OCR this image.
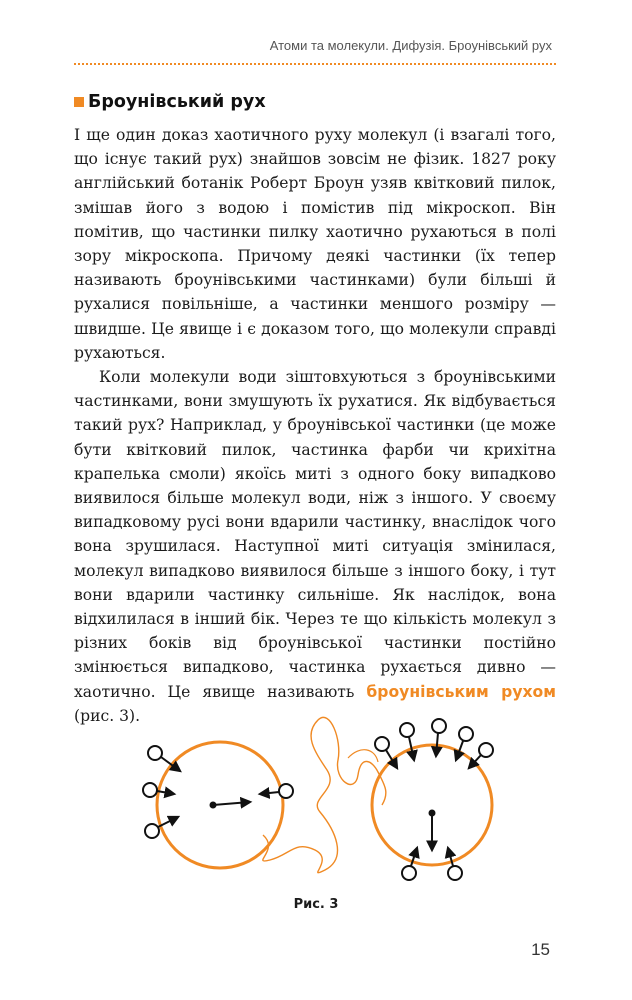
Атоми та молекули. Дифузія. Броунівський рух
Броунівський рух

І ще один доказ хаотичного руху молекул (і взагалі того, що існує такий рух) знайшов зовсім не фізик. 1827 року англійський ботанік Роберт Броун узяв квітковий пилок, змішав його з водою і помістив під мікроскоп. Він помітив, що частинки пилку хаотично рухаються в полі зору мікроскопа. Причому деякі частинки (їх тепер називають броунівськими частинками) були більші й рухалися повільніше, а частинки меншого розміру — швидше. Це явище і є доказом того, що молекули справді рухаються.

Коли молекули води зіштовхуються з броунівськими частинками, вони змушують їх рухатися. Як відбувається такий рух? Наприклад, у броунівської частинки (це може бути квітковий пилок, частинка фарби чи крихітна крапелька смоли) якоїсь миті з одного боку випадково виявилося більше молекул води, ніж з іншого. У своєму випадковому русі вони вдарили частинку, внаслідок чого вона зрушилася. Наступної миті ситуація змінилася, молекул випадково виявилося більше з іншого боку, і тут вони вдарили частинку сильніше. Як наслідок, вона відхилилася в інший бік. Через те що кількість молекул з різних боків від броунівської частинки постійно змінюється випадково, частинка рухається дивно — хаотично. Це явище називають броунівським рухом (рис. 3).

Рис. 3
15
